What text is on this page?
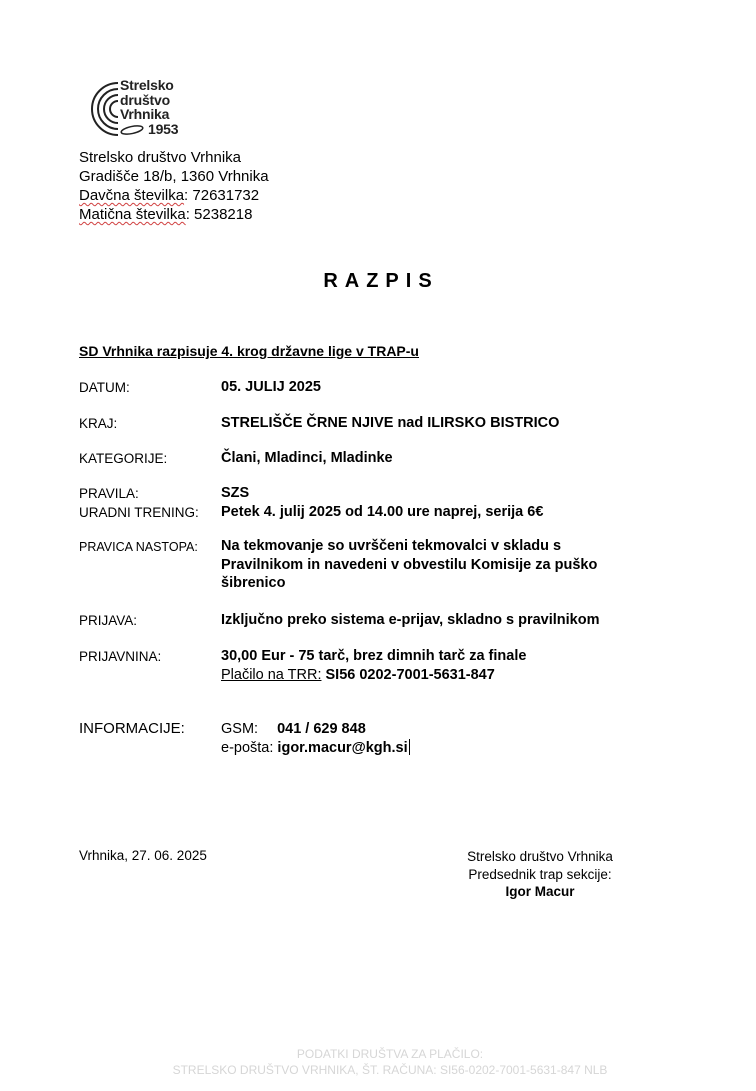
Strelsko
društvo
Vrhnika
1953
Strelsko društvo Vrhnika
Gradišče 18/b, 1360 Vrhnika
Davčna številka: 72631732
Matična številka: 5238218
RAZPIS
SD Vrhnika razpisuje 4. krog državne lige v TRAP-u
DATUM:	05. JULIJ 2025
KRAJ:	STRELIŠČE ČRNE NJIVE nad ILIRSKO BISTRICO
KATEGORIJE:	Člani, Mladinci, Mladinke
PRAVILA:	SZS
URADNI TRENING: Petek 4. julij 2025 od 14.00 ure naprej, serija 6€
PRAVICA NASTOPA: Na tekmovanje so uvrščeni tekmovalci v skladu s
Pravilnikom in navedeni v obvestilu Komisije za puško
šibrenico
PRIJAVA:	Izključno preko sistema e-prijav, skladno s pravilnikom
PRIJAVNINA:	30,00 Eur - 75 tarč, brez dimnih tarč za finale
Plačilo na TRR: SI56 0202-7001-5631-847
INFORMACIJE: GSM: 041 / 629 848
e-pošta: igor.macur@kgh.si
Vrhnika, 27. 06. 2025	Strelsko društvo Vrhnika
Predsednik trap sekcije:
Igor Macur
PODATKI DRUŠTVA ZA PLAČILO:
STRELSKO DRUŠTVO VRHNIKA, ŠT. RAČUNA: SI56-0202-7001-5631-847 NLB
